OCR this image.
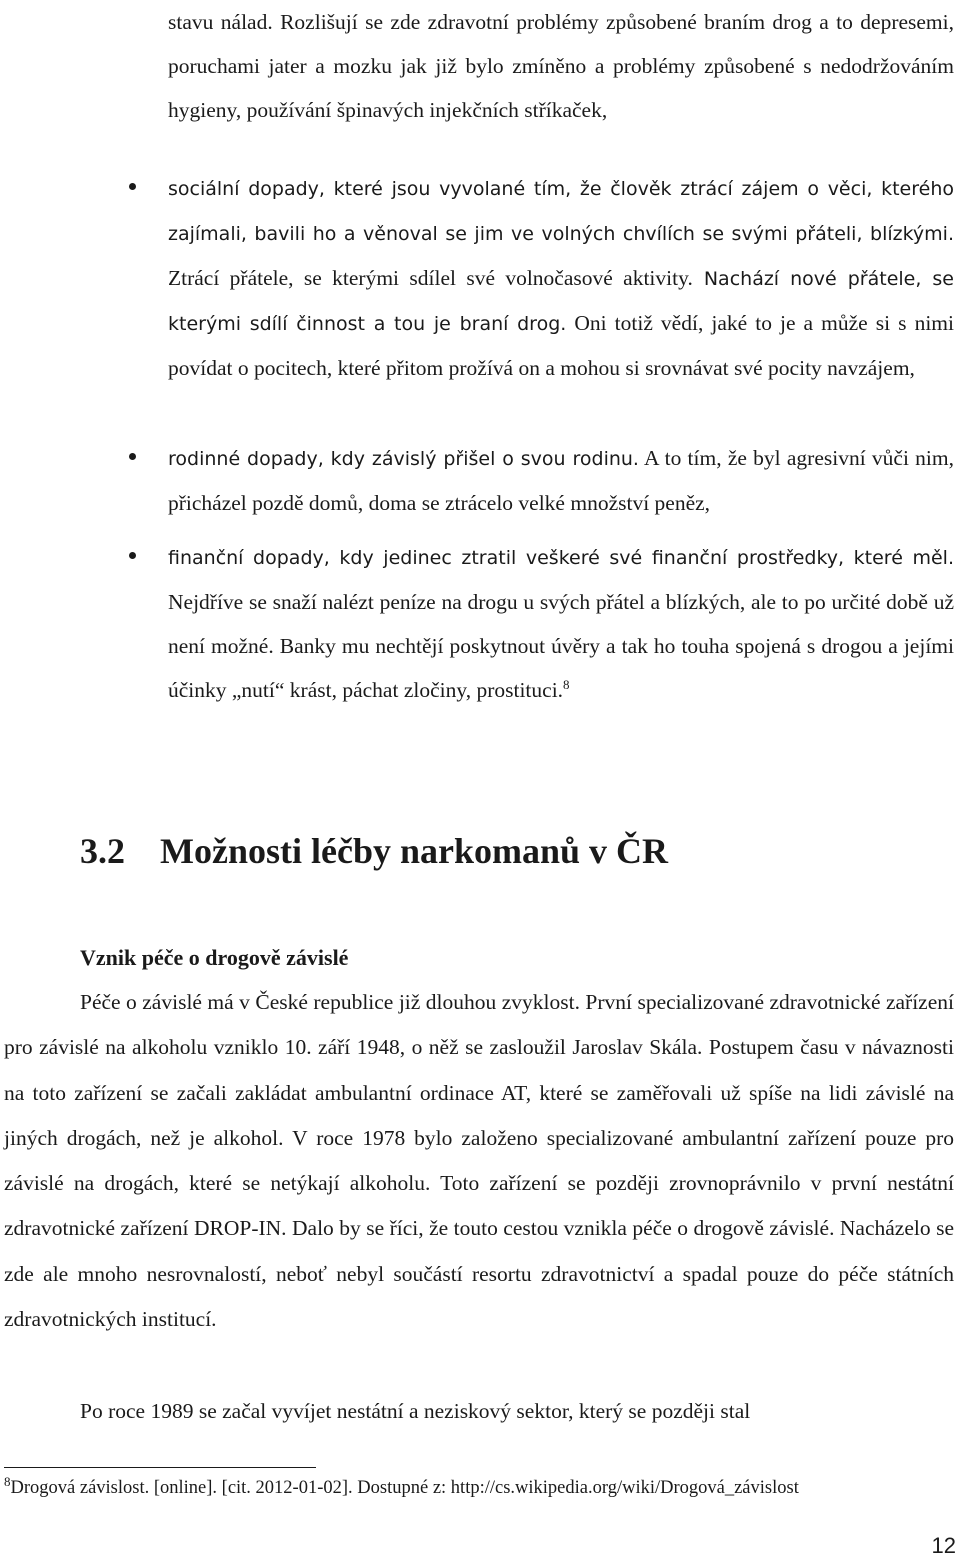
stavu nálad. Rozlišují se zde zdravotní problémy způsobené braním drog a to depresemi, poruchami jater a mozku jak již bylo zmíněno a problémy způsobené s nedodržováním hygieny, používání špinavých injekčních stříkaček,

sociální dopady, které jsou vyvolané tím, že člověk ztrácí zájem o věci, kterého zajímali, bavili ho a věnoval se jim ve volných chvílích se svými přáteli, blízkými. Ztrácí přátele, se kterými sdílel své volnočasové aktivity. Nachází nové přátele, se kterými sdílí činnost a tou je braní drog. Oni totiž vědí, jaké to je a může si s nimi povídat o pocitech, které přitom prožívá on a mohou si srovnávat své pocity navzájem,

rodinné dopady, kdy závislý přišel o svou rodinu. A to tím, že byl agresivní vůči nim, přicházel pozdě domů, doma se ztrácelo velké množství peněz,

finanční dopady, kdy jedinec ztratil veškeré své finanční prostředky, které měl. Nejdříve se snaží nalézt peníze na drogu u svých přátel a blízkých, ale to po určité době už není možné. Banky mu nechtějí poskytnout úvěry a tak ho touha spojená s drogou a jejími účinky „nutí“ krást, páchat zločiny, prostituci.$^8$

3.2 Možnosti léčby narkomanů v ČR
Vznik péče o drogově závislé

Péče o závislé má v České republice již dlouhou zvyklost. První specializované zdravotnické zařízení pro závislé na alkoholu vzniklo 10. září 1948, o něž se zasloužil Jaroslav Skála. Postupem času v návaznosti na toto zařízení se začali zakládat ambulantní ordinace AT, které se zaměřovali už spíše na lidi závislé na jiných drogách, než je alkohol. V roce 1978 bylo založeno specializované ambulantní zařízení pouze pro závislé na drogách, které se netýkají alkoholu. Toto zařízení se později zrovnoprávnilo v první nestátní zdravotnické zařízení DROP-IN. Dalo by se říci, že touto cestou vznikla péče o drogově závislé. Nacházelo se zde ale mnoho nesrovnalostí, neboť nebyl součástí resortu zdravotnictví a spadal pouze do péče státních zdravotnických institucí.

Po roce 1989 se začal vyvíjet nestátní a neziskový sektor, který se později stal

$^8$Drogová závislost. [online]. [cit. 2012-01-02]. Dostupné z: http://cs.wikipedia.org/wiki/Drogová_závislost

12
